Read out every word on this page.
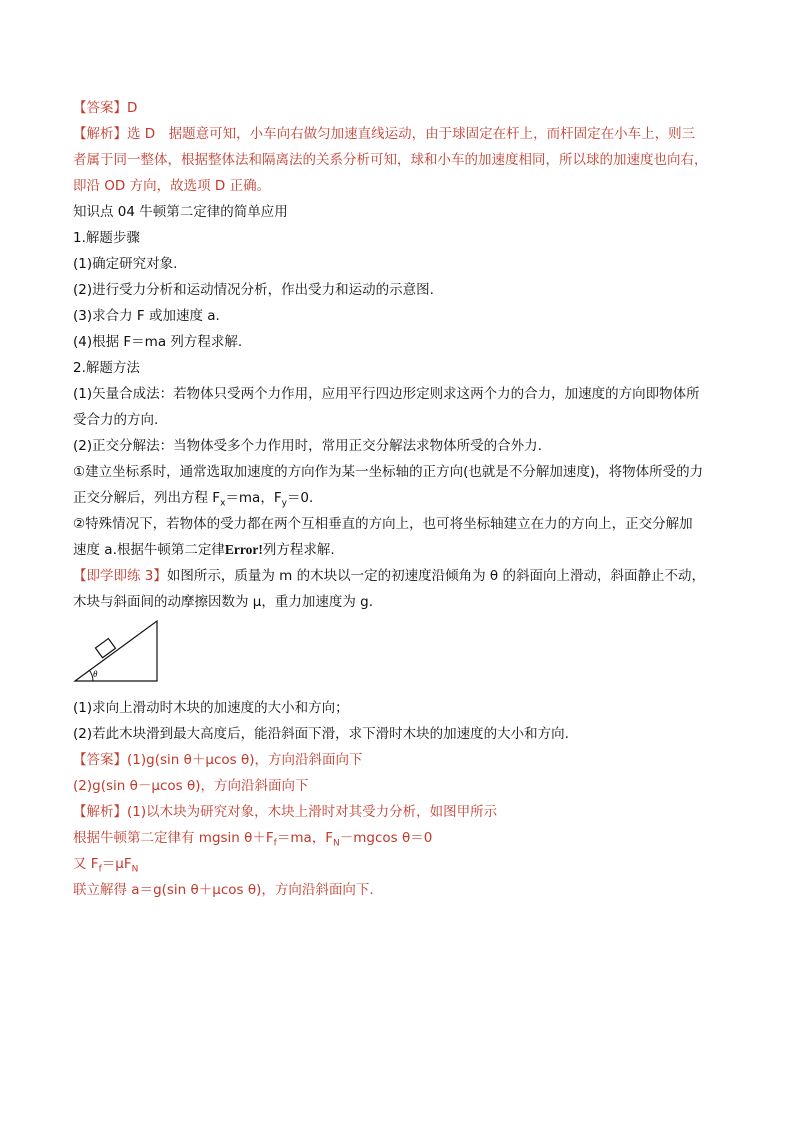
【答案】D
【解析】选 D　据题意可知，小车向右做匀加速直线运动，由于球固定在杆上，而杆固定在小车上，则三
者属于同一整体，根据整体法和隔离法的关系分析可知，球和小车的加速度相同，所以球的加速度也向右，
即沿 OD 方向，故选项 D 正确。
知识点 04 牛顿第二定律的简单应用
1.解题步骤
(1)确定研究对象.
(2)进行受力分析和运动情况分析，作出受力和运动的示意图.
(3)求合力 F 或加速度 a.
(4)根据 F＝ma 列方程求解.
2.解题方法
(1)矢量合成法：若物体只受两个力作用，应用平行四边形定则求这两个力的合力，加速度的方向即物体所
受合力的方向.
(2)正交分解法：当物体受多个力作用时，常用正交分解法求物体所受的合外力.
①建立坐标系时，通常选取加速度的方向作为某一坐标轴的正方向(也就是不分解加速度)，将物体所受的力
正交分解后，列出方程 $F_x=ma$，$F_y=0$.
②特殊情况下，若物体的受力都在两个互相垂直的方向上，也可将坐标轴建立在力的方向上，正交分解加
速度 a.根据牛顿第二定律Error!列方程求解.
【即学即练 3】如图所示，质量为 m 的木块以一定的初速度沿倾角为 θ 的斜面向上滑动，斜面静止不动，
木块与斜面间的动摩擦因数为 μ，重力加速度为 g.
θ
(1)求向上滑动时木块的加速度的大小和方向；
(2)若此木块滑到最大高度后，能沿斜面下滑，求下滑时木块的加速度的大小和方向.
【答案】(1)g(sin θ＋μcos θ)，方向沿斜面向下
(2)g(sin θ－μcos θ)，方向沿斜面向下
【解析】(1)以木块为研究对象，木块上滑时对其受力分析，如图甲所示
根据牛顿第二定律有 mgsin $\theta+F_f=ma$，$F_N-mgcos$ θ＝0
又 $F_f=\mu F_N$
联立解得 a＝g(sin θ＋μcos θ)，方向沿斜面向下.
